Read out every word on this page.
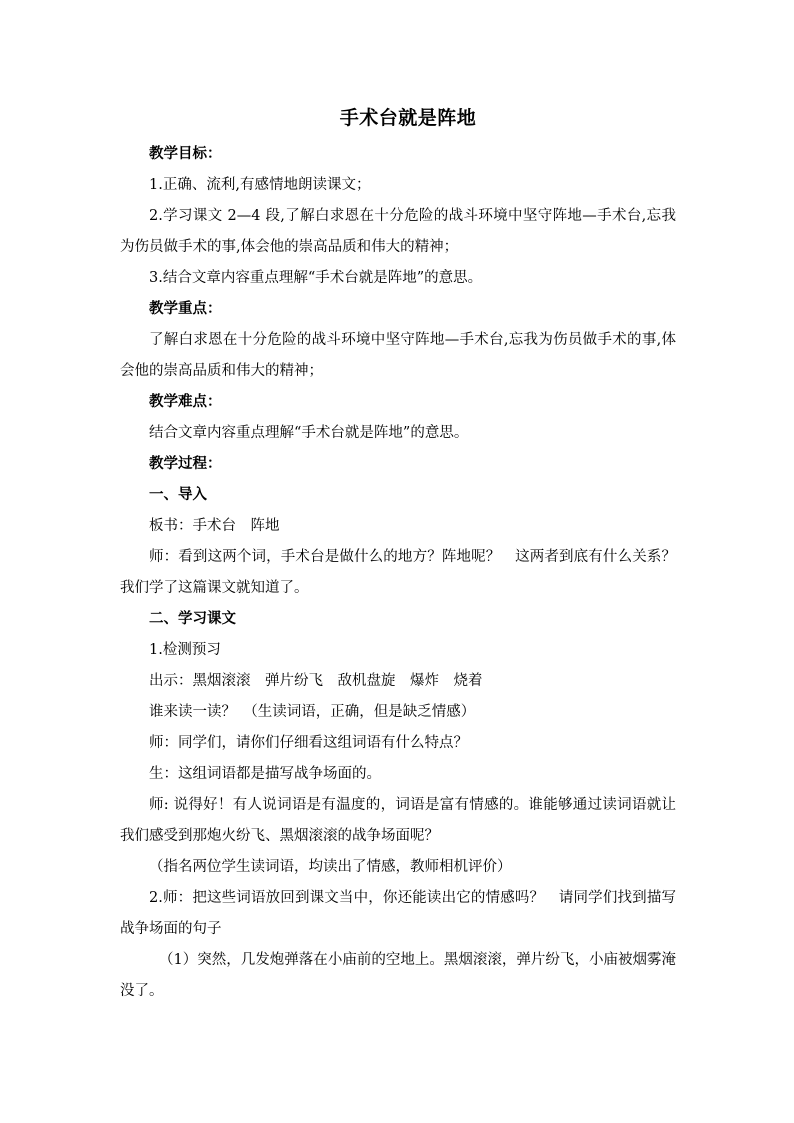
手术台就是阵地

教学目标：

1.正确、流利,有感情地朗读课文；

2.学习课文 2—4 段,了解白求恩在十分危险的战斗环境中坚守阵地—手术台,忘我为伤员做手术的事,体会他的崇高品质和伟大的精神；

3.结合文章内容重点理解“手术台就是阵地”的意思。

教学重点：

了解白求恩在十分危险的战斗环境中坚守阵地—手术台,忘我为伤员做手术的事,体会他的崇高品质和伟大的精神；

教学难点：

结合文章内容重点理解“手术台就是阵地”的意思。

教学过程：

一、导入

板书：手术台　阵地

师：看到这两个词，手术台是做什么的地方？阵地呢？　这两者到底有什么关系？我们学了这篇课文就知道了。

二、学习课文

1.检测预习

出示：黑烟滚滚　弹片纷飞　敌机盘旋　爆炸　烧着

谁来读一读？　（生读词语，正确，但是缺乏情感）

师：同学们，请你们仔细看这组词语有什么特点？

生：这组词语都是描写战争场面的。

师: 说得好！有人说词语是有温度的，词语是富有情感的。谁能够通过读词语就让我们感受到那炮火纷飞、黑烟滚滚的战争场面呢？

（指名两位学生读词语，均读出了情感，教师相机评价）

2.师：把这些词语放回到课文当中，你还能读出它的情感吗？　请同学们找到描写战争场面的句子

（1）突然，几发炮弹落在小庙前的空地上。黑烟滚滚，弹片纷飞，小庙被烟雾淹没了。
